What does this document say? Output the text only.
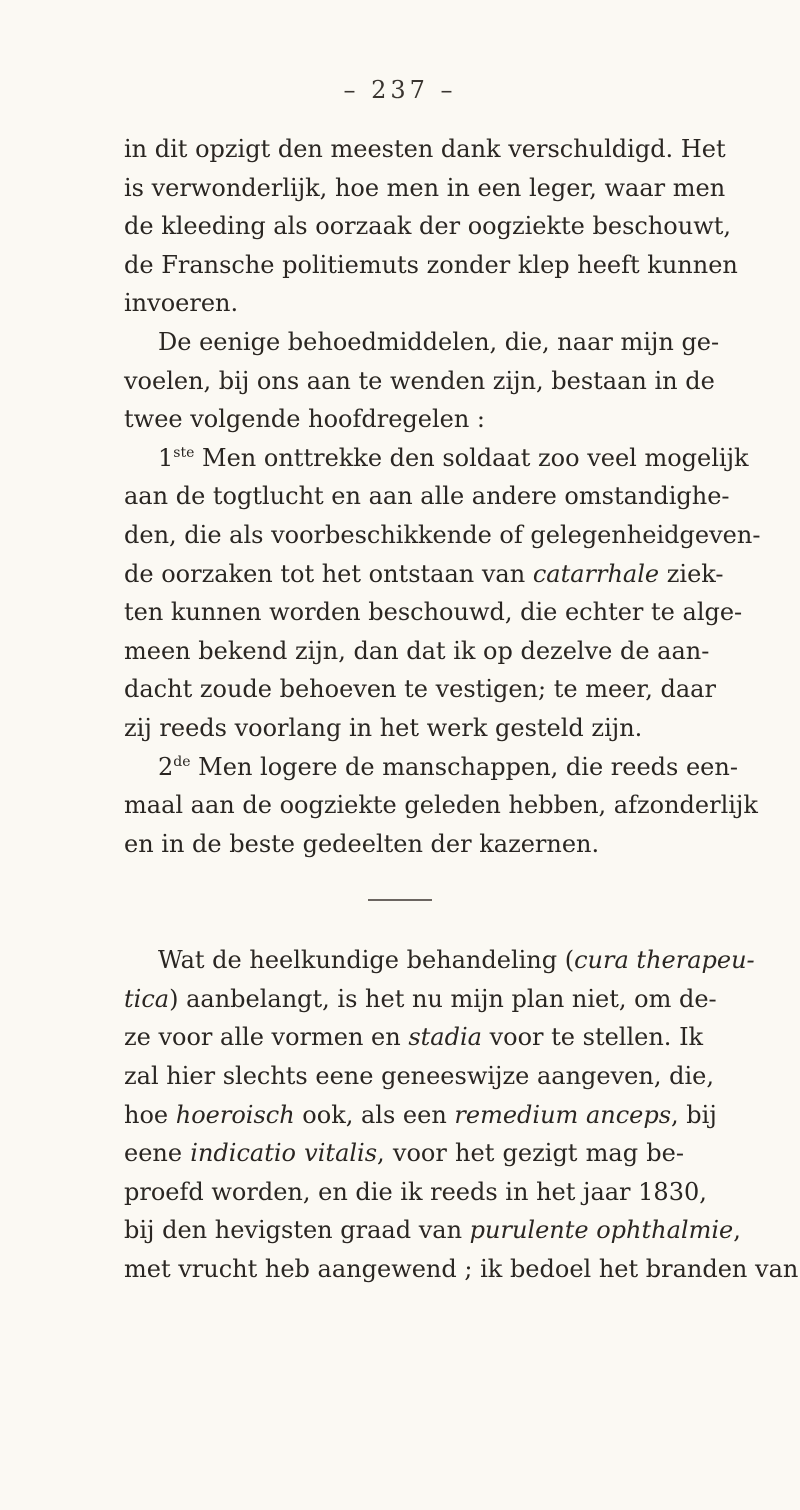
– 237 –
in dit opzigt den meesten dank verschuldigd. Het
is verwonderlijk, hoe men in een leger, waar men
de kleeding als oorzaak der oogziekte beschouwt,
de Fransche politiemuts zonder klep heeft kunnen
invoeren.
De eenige behoedmiddelen, die, naar mijn ge-
voelen, bij ons aan te wenden zijn, bestaan in de
twee volgende hoofdregelen :
1ste Men onttrekke den soldaat zoo veel mogelijk
aan de togtlucht en aan alle andere omstandighe-
den, die als voorbeschikkende of gelegenheidgeven-
de oorzaken tot het ontstaan van catarrhale ziek-
ten kunnen worden beschouwd, die echter te alge-
meen bekend zijn, dan dat ik op dezelve de aan-
dacht zoude behoeven te vestigen; te meer, daar
zij reeds voorlang in het werk gesteld zijn.
2de Men logere de manschappen, die reeds een-
maal aan de oogziekte geleden hebben, afzonderlijk
en in de beste gedeelten der kazernen.
Wat de heelkundige behandeling (cura therapeu-
tica) aanbelangt, is het nu mijn plan niet, om de-
ze voor alle vormen en stadia voor te stellen. Ik
zal hier slechts eene geneeswijze aangeven, die,
hoe hoeroisch ook, als een remedium anceps, bij
eene indicatio vitalis, voor het gezigt mag be-
proefd worden, en die ik reeds in het jaar 1830,
bij den hevigsten graad van purulente ophthalmie,
met vrucht heb aangewend ; ik bedoel het branden van
